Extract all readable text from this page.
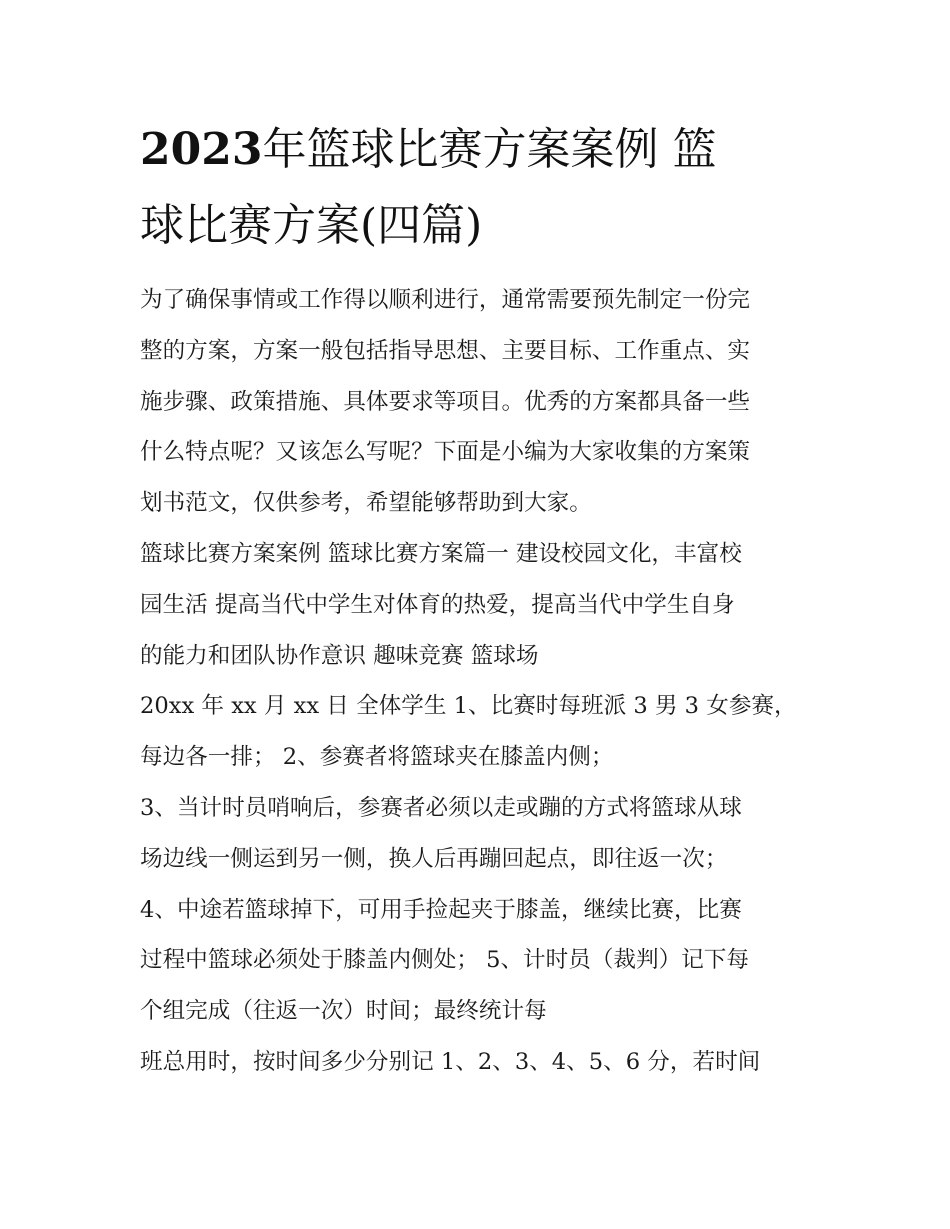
2023年篮球比赛方案案例 篮
球比赛方案(四篇)
为了确保事情或工作得以顺利进行，通常需要预先制定一份完
整的方案，方案一般包括指导思想、主要目标、工作重点、实
施步骤、政策措施、具体要求等项目。优秀的方案都具备一些
什么特点呢？又该怎么写呢？下面是小编为大家收集的方案策
划书范文，仅供参考，希望能够帮助到大家。
篮球比赛方案案例 篮球比赛方案篇一 建设校园文化，丰富校
园生活 提高当代中学生对体育的热爱，提高当代中学生自身
的能力和团队协作意识 趣味竞赛 篮球场
20xx 年 xx 月 xx 日 全体学生 1、比赛时每班派 3 男 3 女参赛，
每边各一排； 2、参赛者将篮球夹在膝盖内侧；
3、当计时员哨响后，参赛者必须以走或蹦的方式将篮球从球
场边线一侧运到另一侧，换人后再蹦回起点，即往返一次；
4、中途若篮球掉下，可用手捡起夹于膝盖，继续比赛，比赛
过程中篮球必须处于膝盖内侧处； 5、计时员（裁判）记下每
个组完成（往返一次）时间；最终统计每
班总用时，按时间多少分别记 1、2、3、4、5、6 分，若时间
